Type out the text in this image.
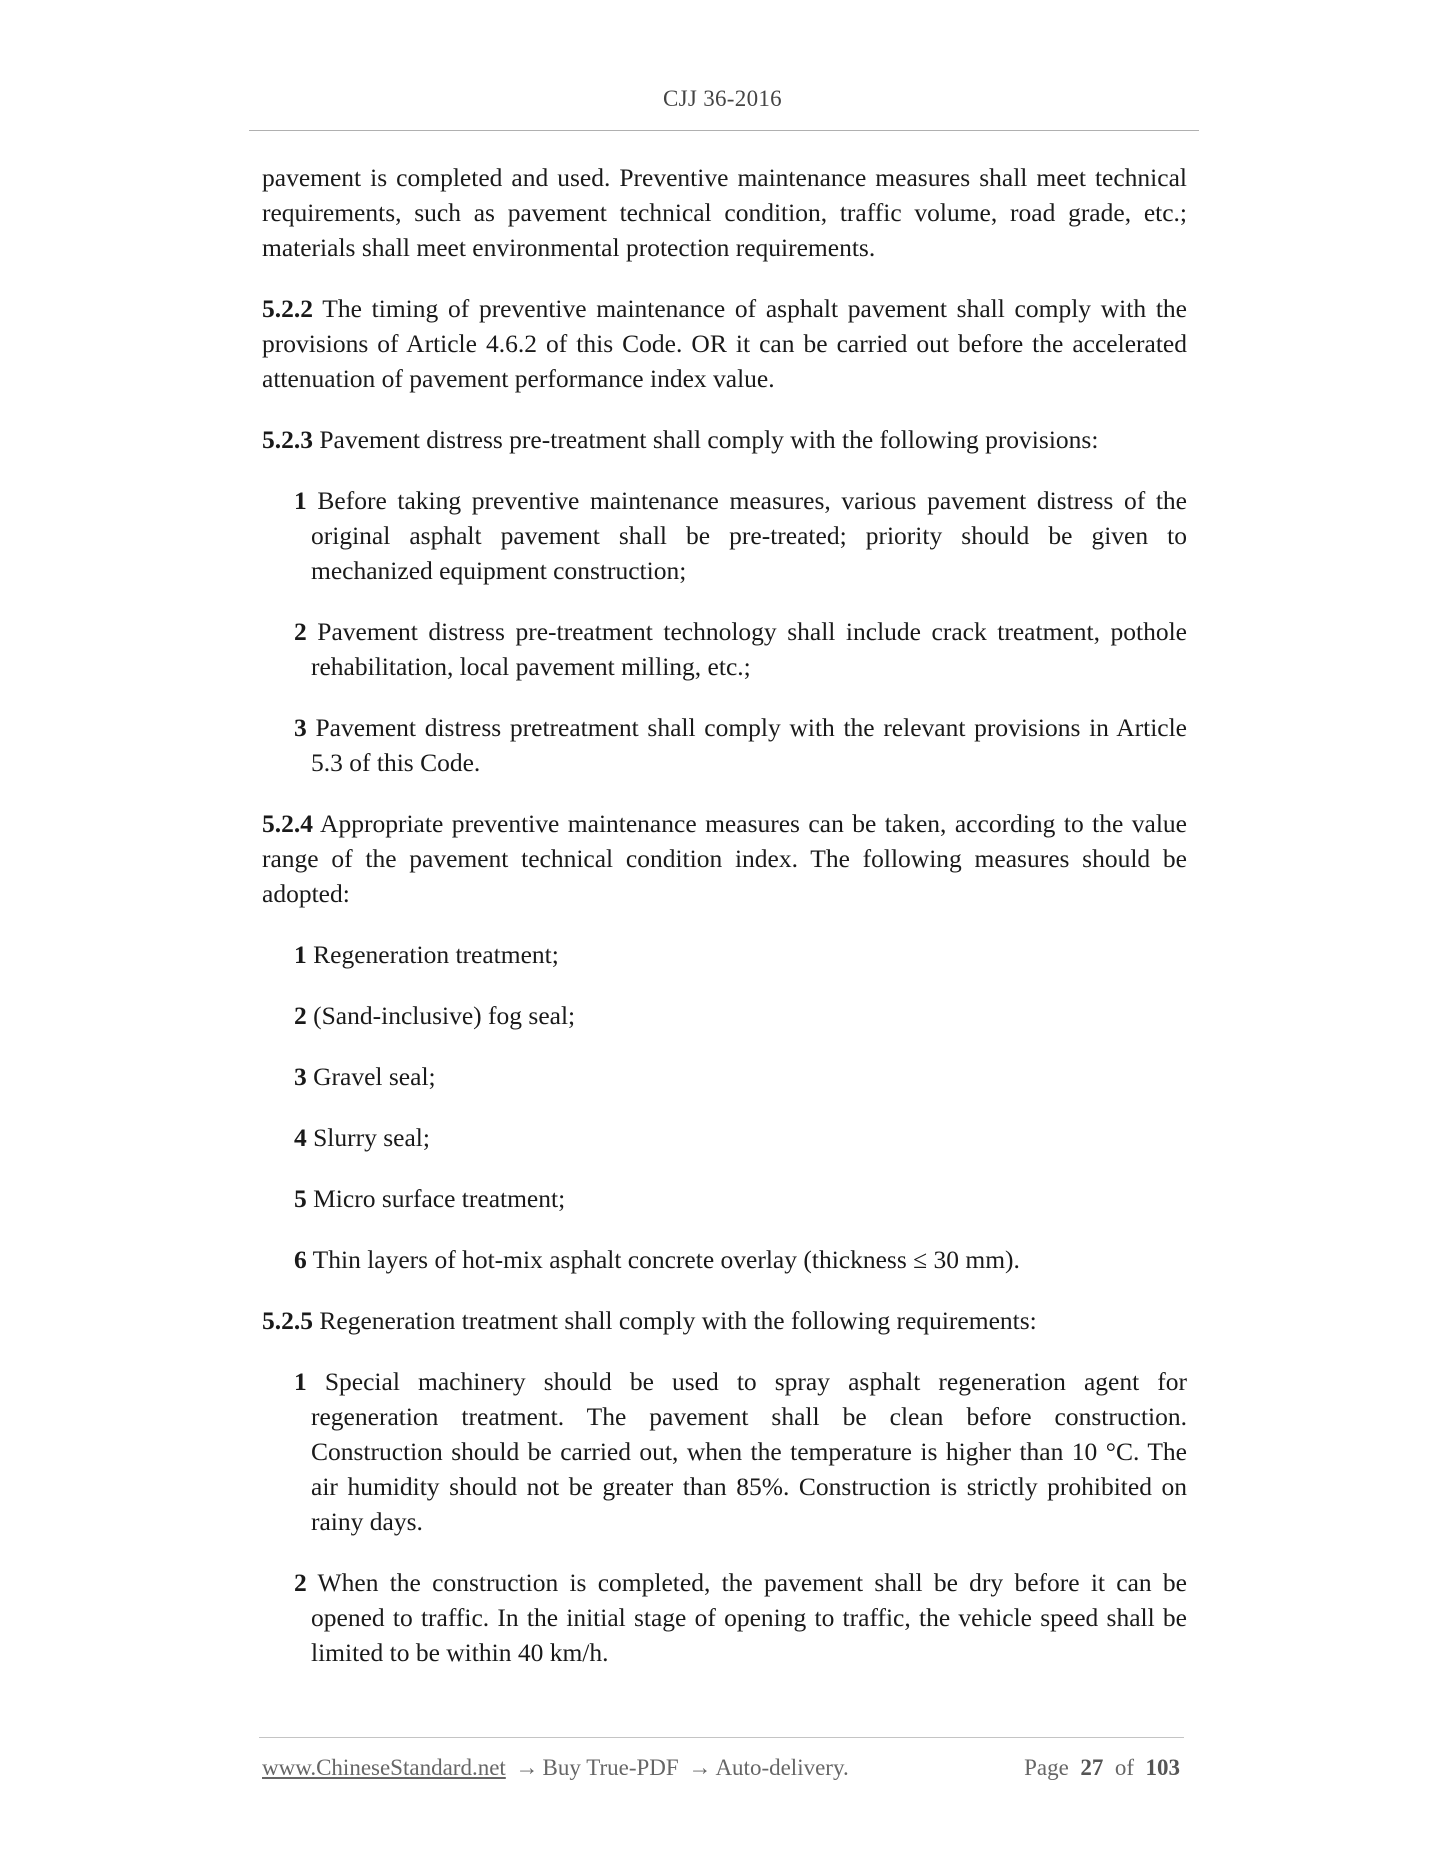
CJJ 36-2016

pavement is completed and used. Preventive maintenance measures shall meet technical requirements, such as pavement technical condition, traffic volume, road grade, etc.; materials shall meet environmental protection requirements.

5.2.2 The timing of preventive maintenance of asphalt pavement shall comply with the provisions of Article 4.6.2 of this Code. OR it can be carried out before the accelerated attenuation of pavement performance index value.

5.2.3 Pavement distress pre-treatment shall comply with the following provisions:

1 Before taking preventive maintenance measures, various pavement distress of the original asphalt pavement shall be pre-treated; priority should be given to mechanized equipment construction;

2 Pavement distress pre-treatment technology shall include crack treatment, pothole rehabilitation, local pavement milling, etc.;

3 Pavement distress pretreatment shall comply with the relevant provisions in Article 5.3 of this Code.

5.2.4 Appropriate preventive maintenance measures can be taken, according to the value range of the pavement technical condition index. The following measures should be adopted:

1 Regeneration treatment;

2 (Sand-inclusive) fog seal;

3 Gravel seal;

4 Slurry seal;

5 Micro surface treatment;

6 Thin layers of hot-mix asphalt concrete overlay (thickness ≤ 30 mm).

5.2.5 Regeneration treatment shall comply with the following requirements:

1 Special machinery should be used to spray asphalt regeneration agent for regeneration treatment. The pavement shall be clean before construction. Construction should be carried out, when the temperature is higher than 10 °C. The air humidity should not be greater than 85%. Construction is strictly prohibited on rainy days.

2 When the construction is completed, the pavement shall be dry before it can be opened to traffic. In the initial stage of opening to traffic, the vehicle speed shall be limited to be within 40 km/h.

www.ChineseStandard.net → Buy True-PDF → Auto-delivery.	Page 27 of 103
